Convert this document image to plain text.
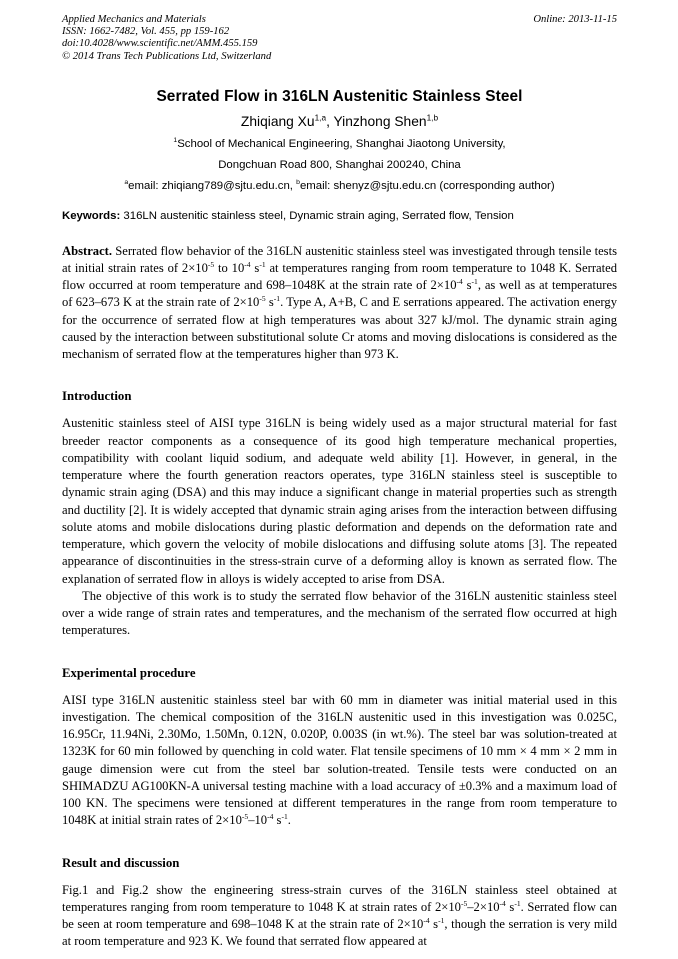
Applied Mechanics and Materials
ISSN: 1662-7482, Vol. 455, pp 159-162
doi:10.4028/www.scientific.net/AMM.455.159
© 2014 Trans Tech Publications Ltd, Switzerland
Online: 2013-11-15
Serrated Flow in 316LN Austenitic Stainless Steel
Zhiqiang Xu$^{1,a}$, Yinzhong Shen$^{1,b}$
$^1$School of Mechanical Engineering, Shanghai Jiaotong University,
Dongchuan Road 800, Shanghai 200240, China
$^a$email: zhiqiang789@sjtu.edu.cn, $^b$email: shenyz@sjtu.edu.cn (corresponding author)

Keywords: 316LN austenitic stainless steel, Dynamic strain aging, Serrated flow, Tension

Abstract. Serrated flow behavior of the 316LN austenitic stainless steel was investigated through tensile tests at initial strain rates of $2\times 10^{-5}$ to $10^{-4}$ $s^{-1}$ at temperatures ranging from room temperature to 1048 K. Serrated flow occurred at room temperature and 698–1048K at the strain rate of $2\times 10^{-4}$ $s^{-1}$, as well as at temperatures of 623–673 K at the strain rate of $2\times 10^{-5}$ $s^{-1}$. Type A, A+B, C and E serrations appeared. The activation energy for the occurrence of serrated flow at high temperatures was about 327 kJ/mol. The dynamic strain aging caused by the interaction between substitutional solute Cr atoms and moving dislocations is considered as the mechanism of serrated flow at the temperatures higher than 973 K.

Introduction

Austenitic stainless steel of AISI type 316LN is being widely used as a major structural material for fast breeder reactor components as a consequence of its good high temperature mechanical properties, compatibility with coolant liquid sodium, and adequate weld ability [1]. However, in general, in the temperature where the fourth generation reactors operates, type 316LN stainless steel is susceptible to dynamic strain aging (DSA) and this may induce a significant change in material properties such as strength and ductility [2]. It is widely accepted that dynamic strain aging arises from the interaction between diffusing solute atoms and mobile dislocations during plastic deformation and depends on the deformation rate and temperature, which govern the velocity of mobile dislocations and diffusing solute atoms [3]. The repeated appearance of discontinuities in the stress-strain curve of a deforming alloy is known as serrated flow. The explanation of serrated flow in alloys is widely accepted to arise from DSA.

The objective of this work is to study the serrated flow behavior of the 316LN austenitic stainless steel over a wide range of strain rates and temperatures, and the mechanism of the serrated flow occurred at high temperatures.

Experimental procedure

AISI type 316LN austenitic stainless steel bar with 60 mm in diameter was initial material used in this investigation. The chemical composition of the 316LN austenitic used in this investigation was 0.025C, 16.95Cr, 11.94Ni, 2.30Mo, 1.50Mn, 0.12N, 0.020P, 0.003S (in wt.%). The steel bar was solution-treated at 1323K for 60 min followed by quenching in cold water. Flat tensile specimens of 10 mm × 4 mm × 2 mm in gauge dimension were cut from the steel bar solution-treated. Tensile tests were conducted on an SHIMADZU AG100KN-A universal testing machine with a load accuracy of ±0.3% and a maximum load of 100 KN. The specimens were tensioned at different temperatures in the range from room temperature to 1048K at initial strain rates of $2\times 10^{-5}-10^{-4}$ $s^{-1}$.

Result and discussion

Fig.1 and Fig.2 show the engineering stress-strain curves of the 316LN stainless steel obtained at temperatures ranging from room temperature to 1048 K at strain rates of $2\times 10^{-5}-2\times 10^{-4}$ $s^{-1}$. Serrated flow can be seen at room temperature and 698–1048 K at the strain rate of $2\times 10^{-4}$ $s^{-1}$, though the serration is very mild at room temperature and 923 K. We found that serrated flow appeared at
